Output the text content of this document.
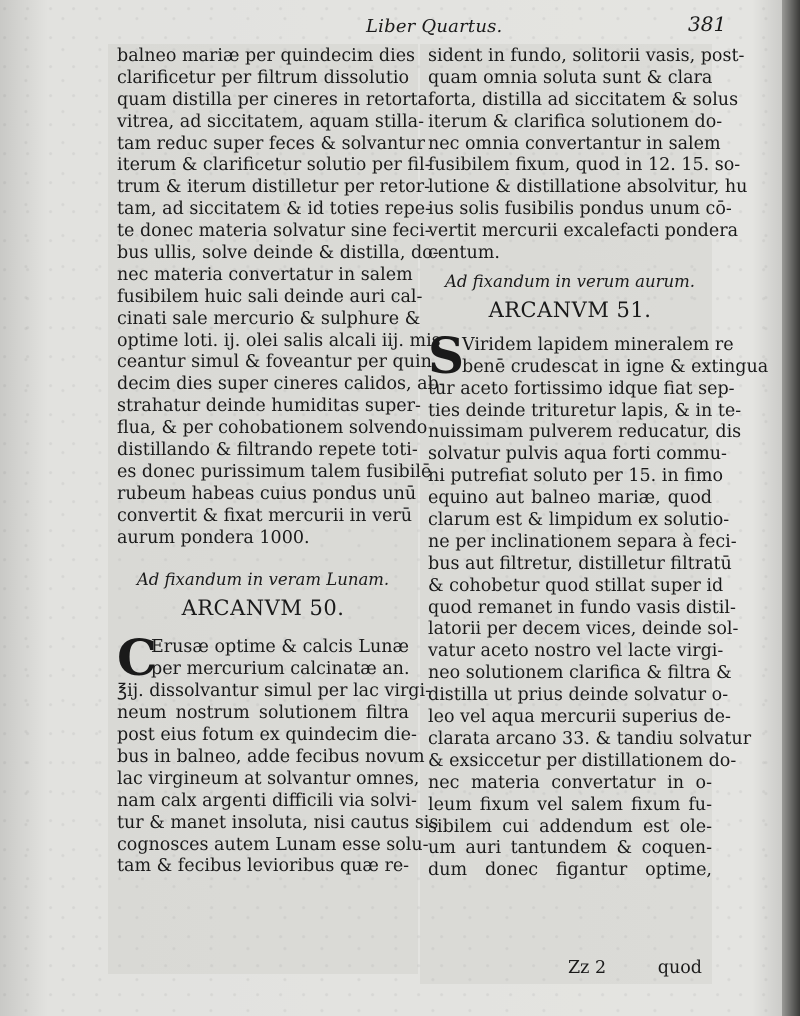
Liber Quartus.	381
balneo mariæ per quindecim dies
clarificetur per filtrum dissolutio
quam distilla per cineres in retorta
vitrea, ad siccitatem, aquam stilla-
tam reduc super feces & solvantur
iterum & clarificetur solutio per fil-
trum & iterum distilletur per retor-
tam, ad siccitatem & id toties repe-
te donec materia solvatur sine feci-
bus ullis, solve deinde & distilla, do-
nec materia convertatur in salem
fusibilem huic sali deinde auri cal-
cinati sale mercurio & sulphure &
optime loti. ij. olei salis alcali iij. mis
ceantur simul & foveantur per quin
decim dies super cineres calidos, ab-
strahatur deinde humiditas super-
flua, & per cohobationem solvendo
distillando & filtrando repete toti-
es donec purissimum talem fusibilē
rubeum habeas cuius pondus unū
convertit & fixat mercurii in verū
aurum pondera 1000.
Ad fixandum in veram Lunam.
ARCANVM 50.
C
Erusæ optime & calcis Lunæ
per mercurium calcinatæ an.
℥ij. dissolvantur simul per lac virgi-
neum nostrum solutionem filtra
post eius fotum ex quindecim die-
bus in balneo, adde fecibus novum
lac virgineum at solvantur omnes,
nam calx argenti difficili via solvi-
tur & manet insoluta, nisi cautus sis
cognosces autem Lunam esse solu-
tam & fecibus levioribus quæ re-
sident in fundo, solitorii vasis, post-
quam omnia soluta sunt & clara
forta, distilla ad siccitatem & solus
iterum & clarifica solutionem do-
nec omnia convertantur in salem
fusibilem fixum, quod in 12. 15. so-
lutione & distillatione absolvitur, hu
ius solis fusibilis pondus unum cō-
vertit mercurii excalefacti pondera
centum.
Ad fixandum in verum aurum.
ARCANVM 51.
S
Viridem lapidem mineralem re
benē crudescat in igne & extingua
tur aceto fortissimo idque fiat sep-
ties deinde trituretur lapis, & in te-
nuissimam pulverem reducatur, dis
solvatur pulvis aqua forti commu-
ni putrefiat soluto per 15. in fimo
equino aut balneo mariæ, quod
clarum est & limpidum ex solutio-
ne per inclinationem separa à feci-
bus aut filtretur, distilletur filtratū
& cohobetur quod stillat super id
quod remanet in fundo vasis distil-
latorii per decem vices, deinde sol-
vatur aceto nostro vel lacte virgi-
neo solutionem clarifica & filtra &
distilla ut prius deinde solvatur o-
leo vel aqua mercurii superius de-
clarata arcano 33. & tandiu solvatur
& exsiccetur per distillationem do-
nec materia convertatur in o-
leum fixum vel salem fixum fu-
sibilem cui addendum est ole-
um auri tantundem & coquen-
dum donec figantur optime,
Zz 2	quod
